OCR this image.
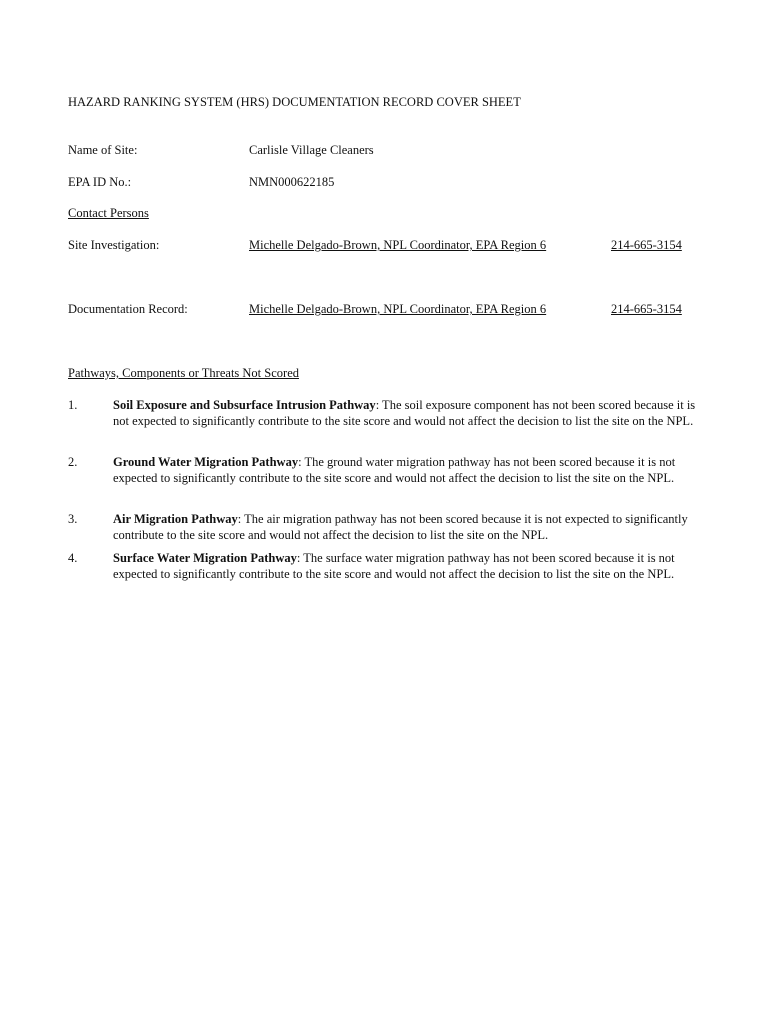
HAZARD RANKING SYSTEM (HRS) DOCUMENTATION RECORD COVER SHEET
Name of Site:	Carlisle Village Cleaners
EPA ID No.:	NMN000622185
Contact Persons
Site Investigation:	Michelle Delgado-Brown, NPL Coordinator, EPA Region 6	214-665-3154
Documentation Record:	Michelle Delgado-Brown, NPL Coordinator, EPA Region 6	214-665-3154
Pathways, Components or Threats Not Scored
1.	Soil Exposure and Subsurface Intrusion Pathway: The soil exposure component has not been scored because it is not expected to significantly contribute to the site score and would not affect the decision to list the site on the NPL.
2.	Ground Water Migration Pathway: The ground water migration pathway has not been scored because it is not expected to significantly contribute to the site score and would not affect the decision to list the site on the NPL.
3.	Air Migration Pathway: The air migration pathway has not been scored because it is not expected to significantly contribute to the site score and would not affect the decision to list the site on the NPL.
4.	Surface Water Migration Pathway: The surface water migration pathway has not been scored because it is not expected to significantly contribute to the site score and would not affect the decision to list the site on the NPL.
